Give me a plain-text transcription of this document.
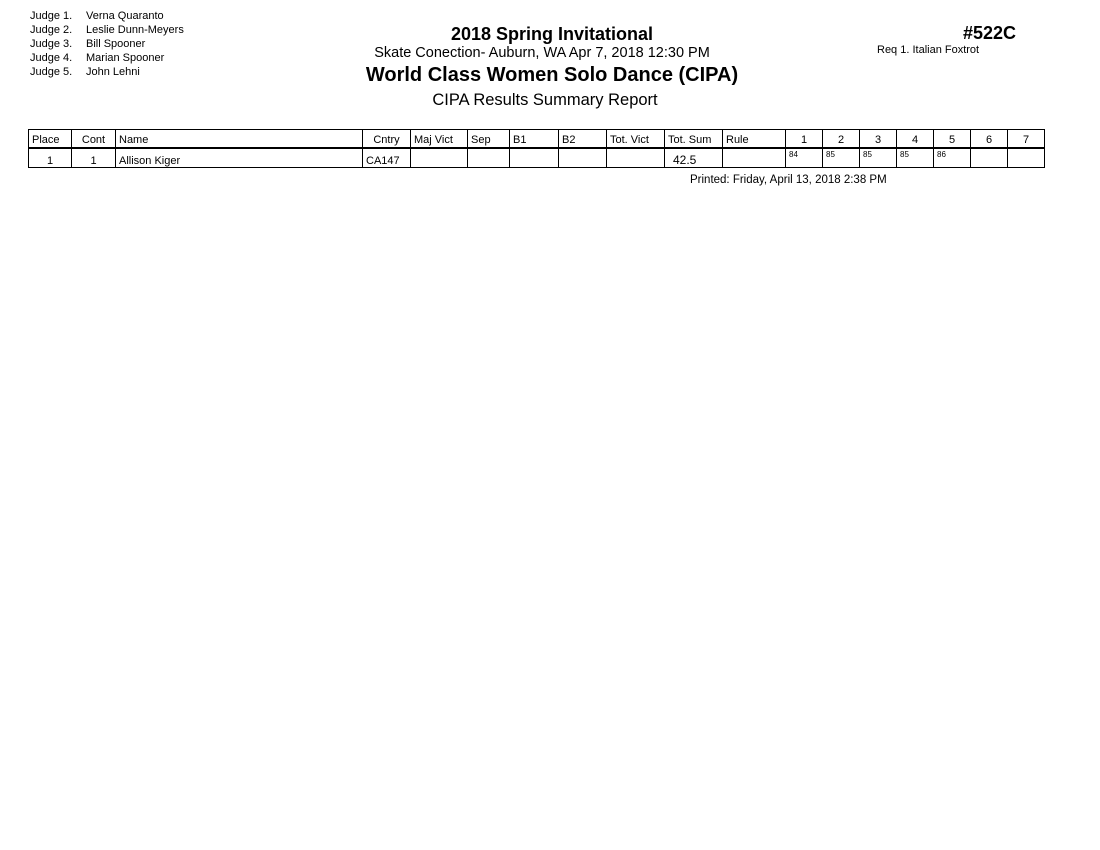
Judge 1. Verna Quaranto
Judge 2. Leslie Dunn-Meyers
Judge 3. Bill Spooner
Judge 4. Marian Spooner
Judge 5. John Lehni
2018 Spring Invitational
Skate Conection- Auburn, WA Apr 7, 2018 12:30 PM
World Class Women Solo Dance (CIPA)
CIPA Results Summary Report
#522C
Req 1. Italian Foxtrot
Place	Cont	Name	Cntry	Maj Vict	Sep	B1	B2	Tot. Vict	Tot. Sum	Rule	1	2	3	4	5	6	7
1	1	Allison Kiger	CA147						42.5		84	85	85	85	86		
Printed: Friday, April 13, 2018 2:38 PM
